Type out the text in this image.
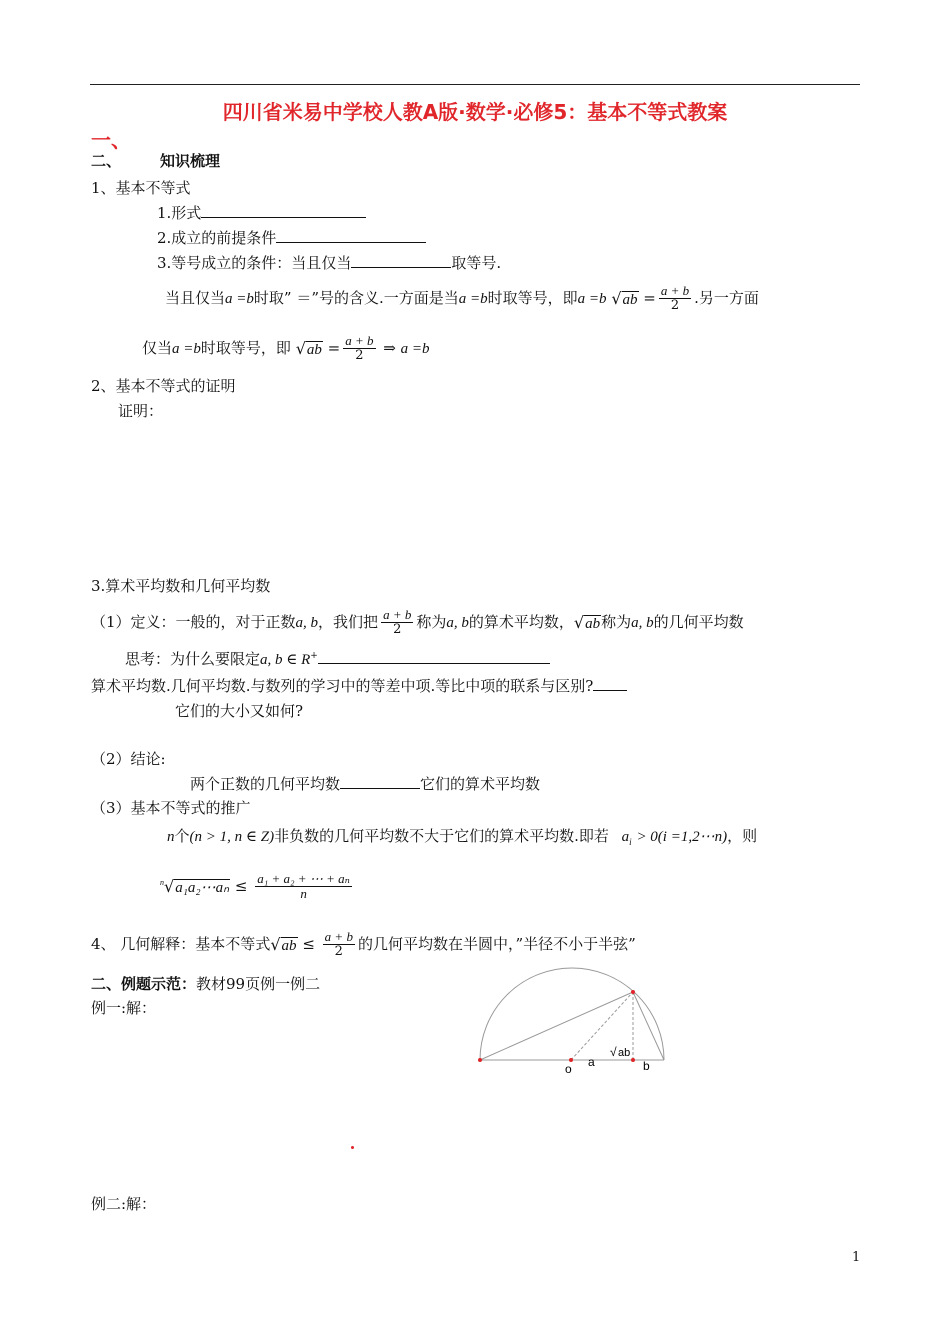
四川省米易中学校人教A版·数学·必修5：基本不等式教案
一、
二、	知识梳理
1、基本不等式
1.形式
2.成立的前提条件
3.等号成立的条件：当且仅当	取等号.
当且仅当a =b时取” ＝”号的含义.一方面是当a =b时取等号，即a =b $√ab = \frac{a + b}{2}$ .另一方面
仅当a =b时取等号，即 $√ab = \frac{a + b}{2}$ ⇒ a =b
2、基本不等式的证明
证明：
3.算术平均数和几何平均数
（1）定义：一般的，对于正数a, b，我们把 $\frac{a + b}{2}$ 称为a, b的算术平均数，√ab称为a, b的几何平均数
思考：为什么要限定a, b ∈ R+
算术平均数.几何平均数.与数列的学习中的等差中项.等比中项的联系与区别?
它们的大小又如何?
（2）结论:
两个正数的几何平均数	它们的算术平均数
（3）基本不等式的推广
n个(n > 1, n ∈ Z)非负数的几何平均数不大于它们的算术平均数.即若 $a_i > 0(i$ =1,2⋯n)，则
$^n$√a₁a₂⋯aₙ ≤ $\frac{\text{a₁ + a₂ + ⋯ + aₙ}}{n}$
4、 几何解释：基本不等式$√ab \le \frac{a + b}{2}$ 的几何平均数在半圆中，”半径不小于半弦”
二、例题示范：教材99页例一例二
例一:解：
o a
√ ab
b
例二:解：
1
